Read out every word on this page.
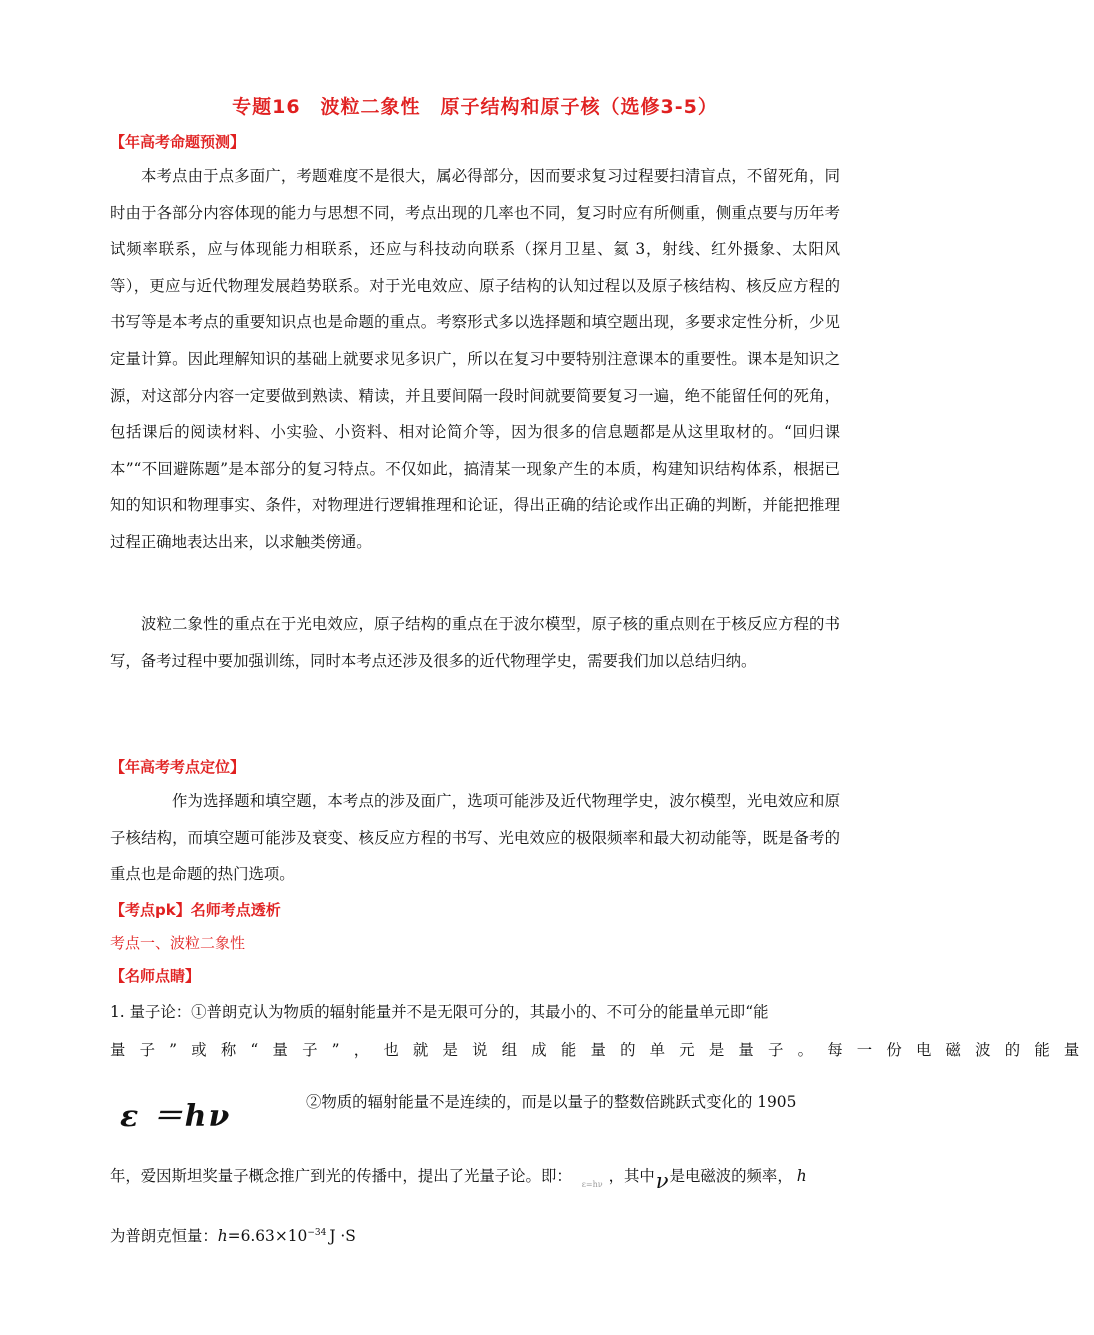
专题16　波粒二象性　原子结构和原子核（选修3-5）
【年高考命题预测】

本考点由于点多面广，考题难度不是很大，属必得部分，因而要求复习过程要扫清盲点，不留死角，同时由于各部分内容体现的能力与思想不同，考点出现的几率也不同，复习时应有所侧重，侧重点要与历年考试频率联系，应与体现能力相联系，还应与科技动向联系（探月卫星、氦 3，射线、红外摄象、太阳风等），更应与近代物理发展趋势联系。对于光电效应、原子结构的认知过程以及原子核结构、核反应方程的书写等是本考点的重要知识点也是命题的重点。考察形式多以选择题和填空题出现，多要求定性分析，少见定量计算。因此理解知识的基础上就要求见多识广，所以在复习中要特别注意课本的重要性。课本是知识之源，对这部分内容一定要做到熟读、精读，并且要间隔一段时间就要简要复习一遍，绝不能留任何的死角，包括课后的阅读材料、小实验、小资料、相对论简介等，因为很多的信息题都是从这里取材的。“回归课本”“不回避陈题”是本部分的复习特点。不仅如此，搞清某一现象产生的本质，构建知识结构体系，根据已知的知识和物理事实、条件，对物理进行逻辑推理和论证，得出正确的结论或作出正确的判断，并能把推理过程正确地表达出来，以求触类傍通。

波粒二象性的重点在于光电效应，原子结构的重点在于波尔模型，原子核的重点则在于核反应方程的书写，备考过程中要加强训练，同时本考点还涉及很多的近代物理学史，需要我们加以总结归纳。

【年高考考点定位】

作为选择题和填空题，本考点的涉及面广，选项可能涉及近代物理学史，波尔模型，光电效应和原子核结构，而填空题可能涉及衰变、核反应方程的书写、光电效应的极限频率和最大初动能等，既是备考的重点也是命题的热门选项。

【考点pk】名师考点透析
考点一、波粒二象性
【名师点睛】
1. 量子论：①普朗克认为物质的辐射能量并不是无限可分的，其最小的、不可分的能量单元即“能
量子”或称“量子”，也就是说组成能量的单元是量子。每一份电磁波的能量
ε ＝hν	②物质的辐射能量不是连续的，而是以量子的整数倍跳跃式变化的 1905
年，爱因斯坦奖量子概念推广到光的传播中，提出了光量子论。即： ε=hν ，其中ν是电磁波的频率， h
为普朗克恒量：$h=6.63\times 10^{-34}$ J ·S
